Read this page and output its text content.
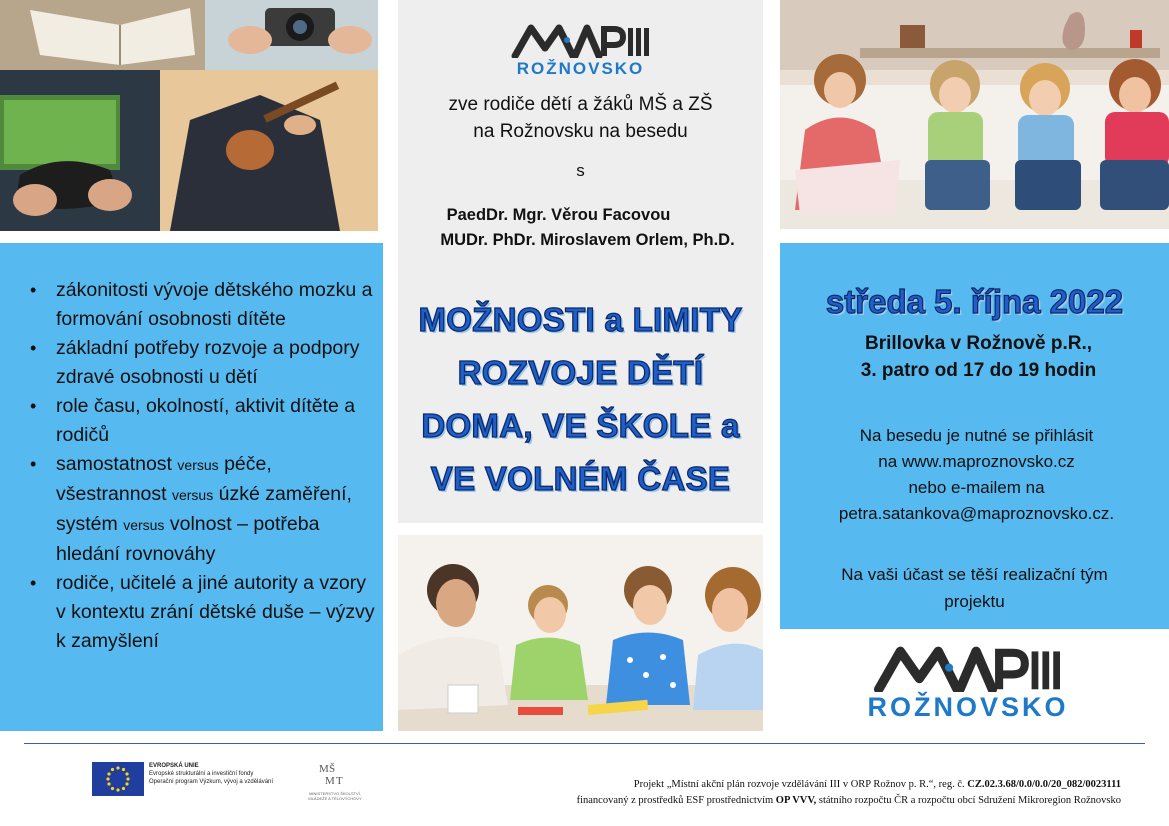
• zákonitosti vývoje dětského mozku a formování osobnosti dítěte
• základní potřeby rozvoje a podpory zdravé osobnosti u dětí
• role času, okolností, aktivit dítěte a rodičů
• samostatnost versus péče, všestrannost versus úzké zaměření, systém versus volnost – potřeba hledání rovnováhy
• rodiče, učitelé a jiné autority a vzory v kontextu zrání dětské duše – výzvy k zamyšlení
ROŽNOVSKO
zve rodiče dětí a žáků MŠ a ZŠ
na Rožnovsku na besedu
s
PaedDr. Mgr. Věrou Facovou
MUDr. PhDr. Miroslavem Orlem, Ph.D.
MOŽNOSTI a LIMITY
ROZVOJE DĚTÍ
DOMA, VE ŠKOLE a
VE VOLNÉM ČASE
středa 5. října 2022
Brillovka v Rožnově p.R.,
3. patro od 17 do 19 hodin
Na besedu je nutné se přihlásit
na www.maproznovsko.cz
nebo e-mailem na
petra.satankova@maproznovsko.cz.
Na vaši účast se těší realizační tým
projektu
ROŽNOVSKO
EVROPSKÁ UNIE
Evropské strukturální a investiční fondy
Operační program Výzkum, vývoj a vzdělávání
M Š
M T
MINISTERSTVO ŠKOLSTVÍ, MLÁDEŽE A TĚLOVÝCHOVY
Projekt „Místní akční plán rozvoje vzdělávání III v ORP Rožnov p. R.“, reg. č. CZ.02.3.68/0.0/0.0/20_082/0023111
financovaný z prostředků ESF prostřednictvím OP VVV, státního rozpočtu ČR a rozpočtu obcí Sdružení Mikroregion Rožnovsko
